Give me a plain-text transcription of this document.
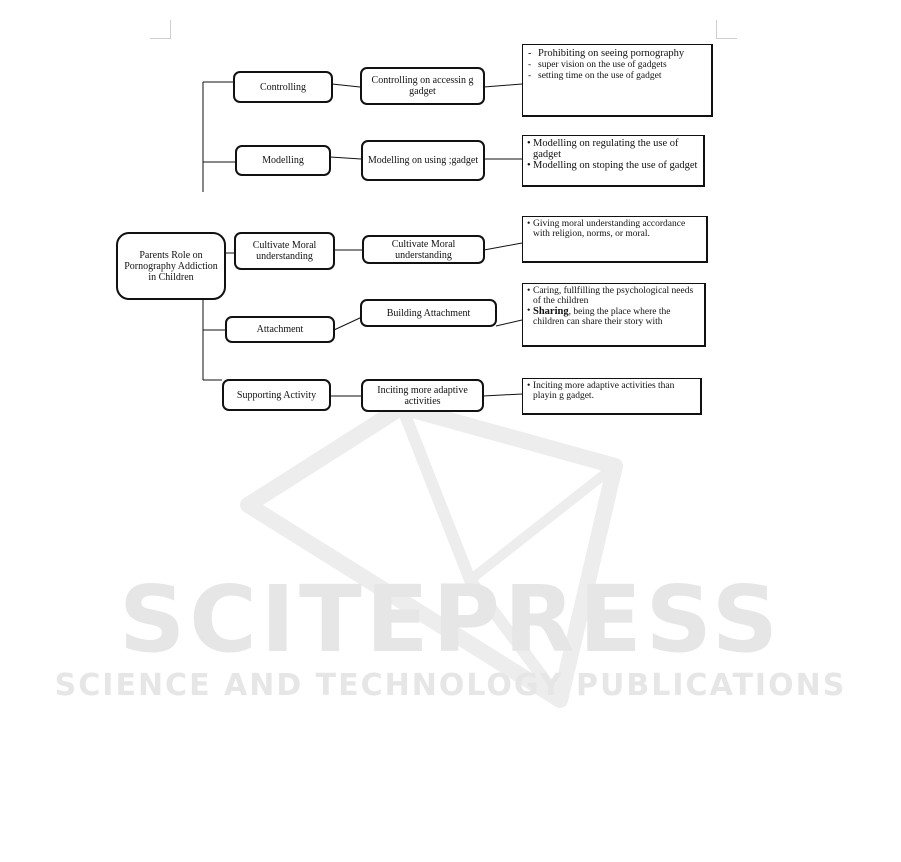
SCITEPRESS
SCIENCE AND TECHNOLOGY PUBLICATIONS
Parents Role on Pornography Addiction in Children
Controlling
Modelling
Cultivate Moral understanding
Attachment
Supporting Activity
Controlling on accessin g gadget
Modelling on using ;gadget
Cultivate Moral understanding
Building Attachment
Inciting more adaptive activities
- Prohibiting on seeing pornography
- super vision on the use of gadgets
- setting time on the use of gadget
• Modelling on regulating the use of gadget
• Modelling on stoping the use of gadget
• Giving moral understanding accordance with religion, norms, or moral.
• Caring, fullfilling the psychological needs of the children
• Sharing, being the place where the children can share their story with
• Inciting more adaptive activities than playin g gadget.
